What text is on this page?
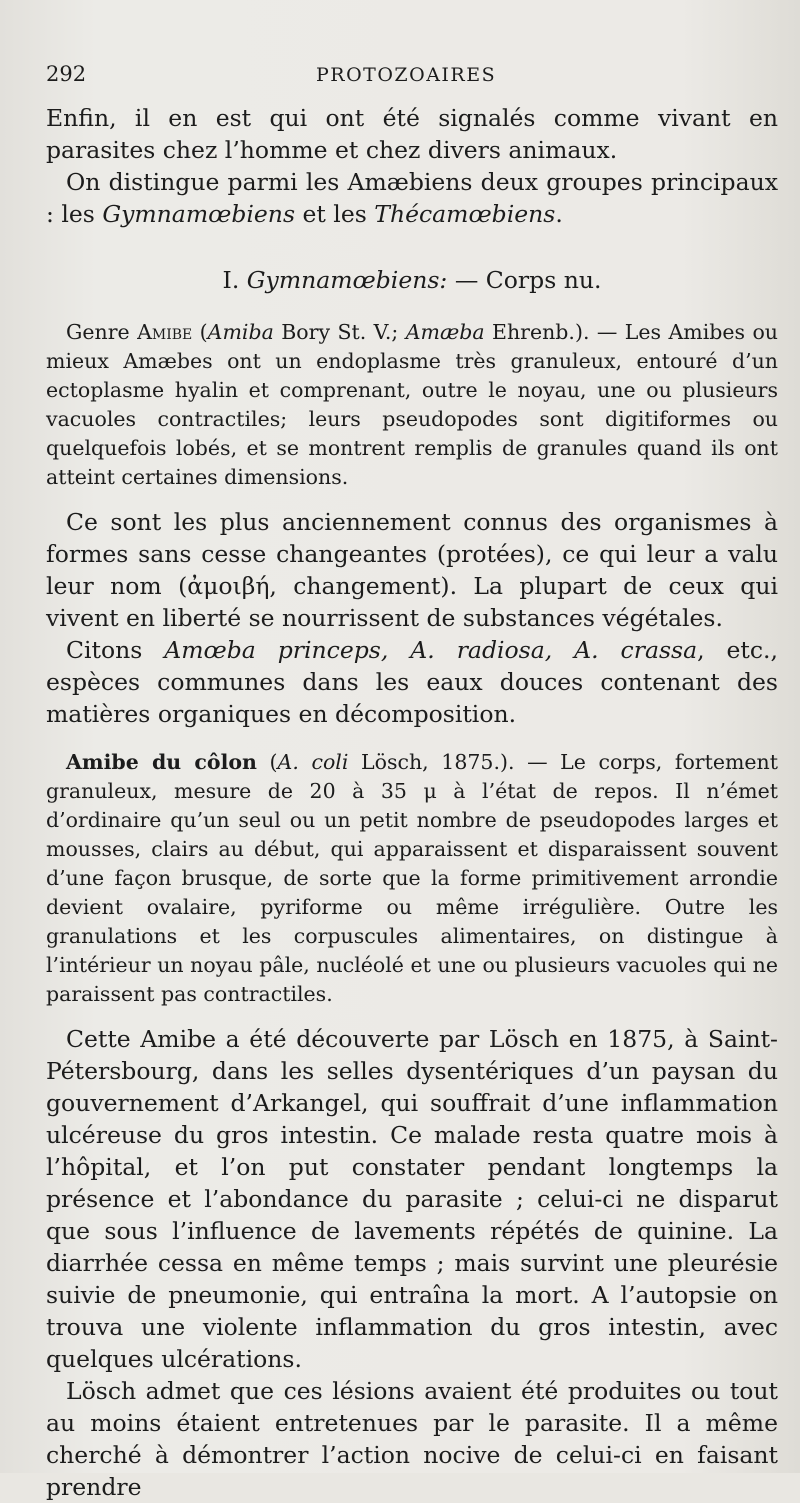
292	PROTOZOAIRES

Enfin, il en est qui ont été signalés comme vivant en parasites chez l’homme et chez divers animaux.

On distingue parmi les Amæbiens deux groupes principaux : les Gymnamœbiens et les Thécamœbiens.

I. Gymnamœbiens: — Corps nu.

Genre Amibe (Amiba Bory St. V.; Amæba Ehrenb.). — Les Amibes ou mieux Amæbes ont un endoplasme très granuleux, entouré d’un ectoplasme hyalin et comprenant, outre le noyau, une ou plusieurs vacuoles contractiles; leurs pseudopodes sont digitiformes ou quelquefois lobés, et se montrent remplis de granules quand ils ont atteint certaines dimensions.

Ce sont les plus anciennement connus des organismes à formes sans cesse changeantes (protées), ce qui leur a valu leur nom (ἀμοιβή, changement). La plupart de ceux qui vivent en liberté se nourrissent de substances végétales.

Citons Amœba princeps, A. radiosa, A. crassa, etc., espèces communes dans les eaux douces contenant des matières organiques en décomposition.

Amibe du côlon (A. coli Lösch, 1875.). — Le corps, fortement granuleux, mesure de 20 à 35 μ à l’état de repos. Il n’émet d’ordinaire qu’un seul ou un petit nombre de pseudopodes larges et mousses, clairs au début, qui apparaissent et disparaissent souvent d’une façon brusque, de sorte que la forme primitivement arrondie devient ovalaire, pyriforme ou même irrégulière. Outre les granulations et les corpuscules alimentaires, on distingue à l’intérieur un noyau pâle, nucléolé et une ou plusieurs vacuoles qui ne paraissent pas contractiles.

Cette Amibe a été découverte par Lösch en 1875, à Saint-Pétersbourg, dans les selles dysentériques d’un paysan du gouvernement d’Arkangel, qui souffrait d’une inflammation ulcéreuse du gros intestin. Ce malade resta quatre mois à l’hôpital, et l’on put constater pendant longtemps la présence et l’abondance du parasite ; celui-ci ne disparut que sous l’influence de lavements répétés de quinine. La diarrhée cessa en même temps ; mais survint une pleurésie suivie de pneumonie, qui entraîna la mort. A l’autopsie on trouva une violente inflammation du gros intestin, avec quelques ulcérations.

Lösch admet que ces lésions avaient été produites ou tout au moins étaient entretenues par le parasite. Il a même cherché à démontrer l’action nocive de celui-ci en faisant prendre
